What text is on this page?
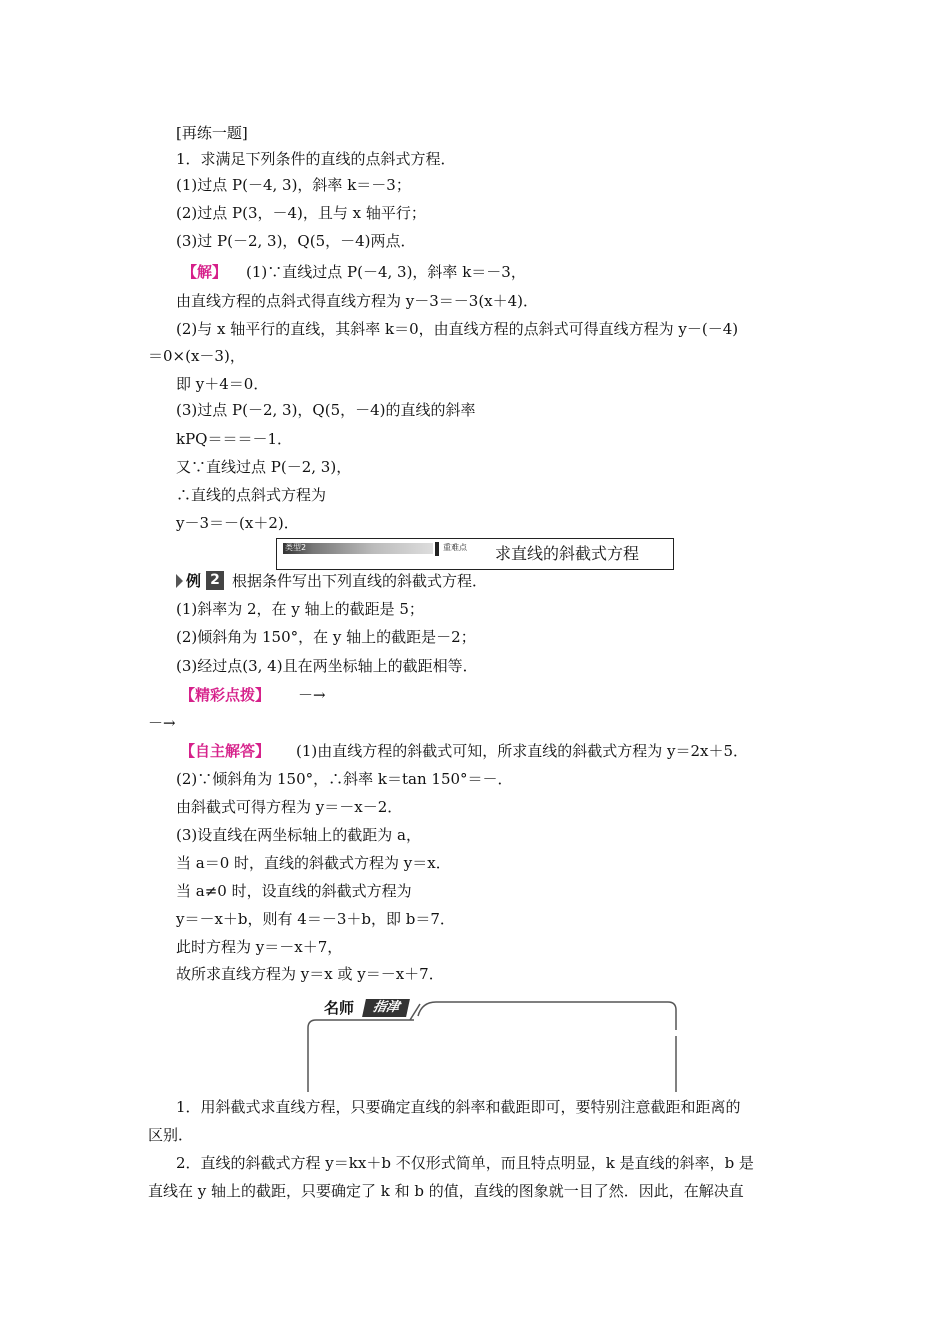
[再练一题]
1．求满足下列条件的直线的点斜式方程．
(1)过点 P(－4, 3)，斜率 k＝－3；
(2)过点 P(3，－4)，且与 x 轴平行；
(3)过 P(－2, 3)，Q(5，－4)两点．
【解】 (1)∵直线过点 P(－4, 3)，斜率 k＝－3，
由直线方程的点斜式得直线方程为 y－3＝－3(x＋4)．
(2)与 x 轴平行的直线，其斜率 k＝0，由直线方程的点斜式可得直线方程为 y－(－4)
＝0×(x－3)，
即 y＋4＝0．
(3)过点 P(－2, 3)，Q(5，－4)的直线的斜率
kPQ＝＝＝－1．
又∵直线过点 P(－2, 3)，
∴直线的点斜式方程为
y－3＝－(x＋2)．
类型2	重难点 求直线的斜截式方程
例 2 根据条件写出下列直线的斜截式方程．
(1)斜率为 2，在 y 轴上的截距是 5；
(2)倾斜角为 150°，在 y 轴上的截距是－2；
(3)经过点(3, 4)且在两坐标轴上的截距相等．
【精彩点拨】 －→
－→
【自主解答】 (1)由直线方程的斜截式可知，所求直线的斜截式方程为 y＝2x＋5．
(2)∵倾斜角为 150°，∴斜率 k＝tan 150°＝－．
由斜截式可得方程为 y＝－x－2．
(3)设直线在两坐标轴上的截距为 a，
当 a＝0 时，直线的斜截式方程为 y＝x．
当 a≠0 时，设直线的斜截式方程为
y＝－x＋b，则有 4＝－3＋b，即 b＝7．
此时方程为 y＝－x＋7，
故所求直线方程为 y＝x 或 y＝－x＋7．
名师	指津
1．用斜截式求直线方程，只要确定直线的斜率和截距即可，要特别注意截距和距离的
区别．
2．直线的斜截式方程 y＝kx＋b 不仅形式简单，而且特点明显，k 是直线的斜率，b 是
直线在 y 轴上的截距，只要确定了 k 和 b 的值，直线的图象就一目了然．因此，在解决直
